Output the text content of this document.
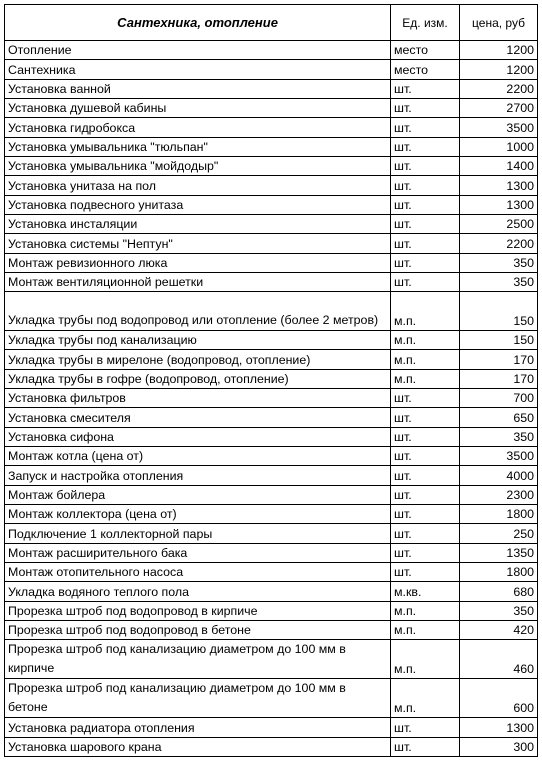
Сантехника, отопление	Ед. изм.	цена, руб
Отопление	место	1200
Сантехника	место	1200
Установка ванной	шт.	2200
Установка душевой кабины	шт.	2700
Установка гидробокса	шт.	3500
Установка умывальника "тюльпан"	шт.	1000
Установка умывальника "мойдодыр"	шт.	1400
Установка унитаза на пол	шт.	1300
Установка подвесного унитаза	шт.	1300
Установка инсталяции	шт.	2500
Установка системы "Нептун"	шт.	2200
Монтаж ревизионного люка	шт.	350
Монтаж вентиляционной решетки	шт.	350
Укладка трубы под водопровод или отопление (более 2 метров)	м.п.	150
Укладка трубы под канализацию	м.п.	150
Укладка трубы в мирелоне (водопровод, отопление)	м.п.	170
Укладка трубы в гофре (водопровод, отопление)	м.п.	170
Установка фильтров	шт.	700
Установка смесителя	шт.	650
Установка сифона	шт.	350
Монтаж котла (цена от)	шт.	3500
Запуск и настройка отопления	шт.	4000
Монтаж бойлера	шт.	2300
Монтаж коллектора (цена от)	шт.	1800
Подключение 1 коллекторной пары	шт.	250
Монтаж расширительного бака	шт.	1350
Монтаж отопительного насоса	шт.	1800
Укладка водяного теплого пола	м.кв.	680
Прорезка штроб под водопровод в кирпиче	м.п.	350
Прорезка штроб под водопровод в бетоне	м.п.	420
Прорезка штроб под канализацию диаметром до 100 мм в кирпиче	м.п.	460
Прорезка штроб под канализацию диаметром до 100 мм в бетоне	м.п.	600
Установка радиатора отопления	шт.	1300
Установка шарового крана	шт.	300
